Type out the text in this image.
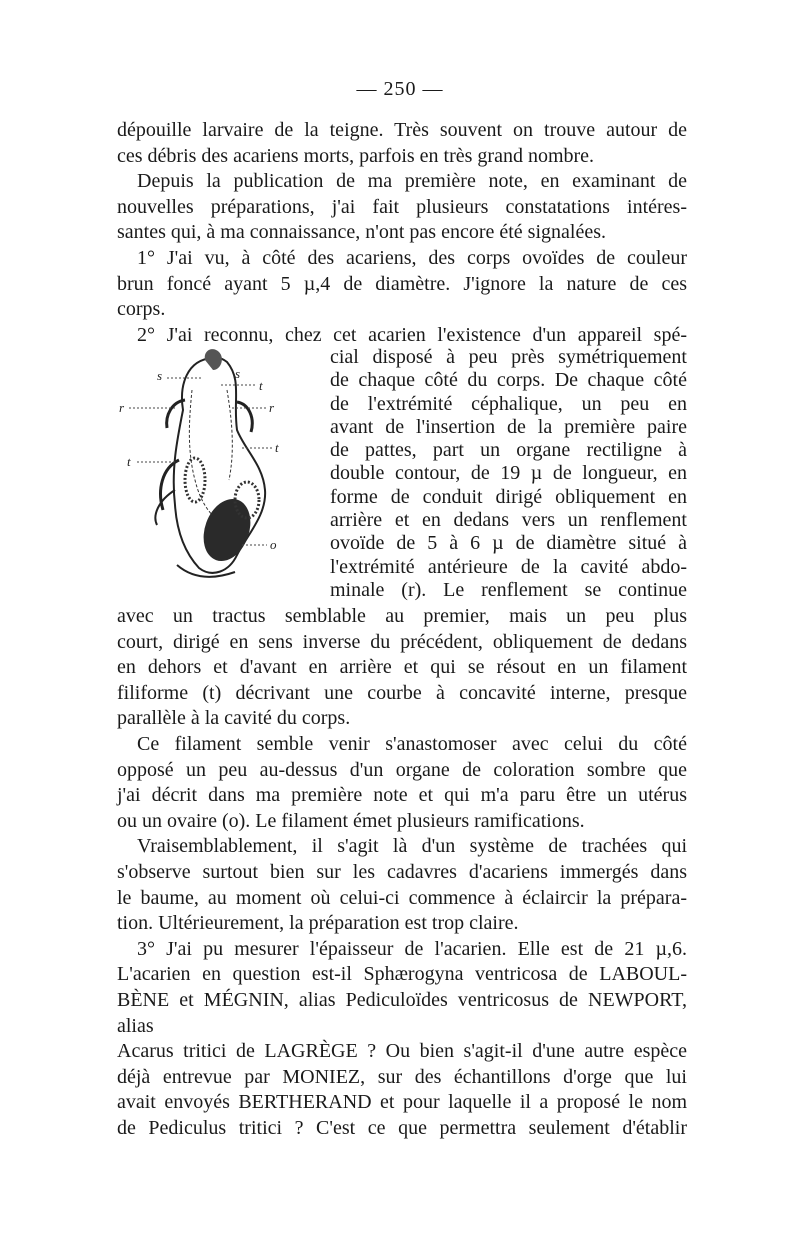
— 250 —
dépouille larvaire de la teigne. Très souvent on trouve autour de
ces débris des acariens morts, parfois en très grand nombre.
Depuis la publication de ma première note, en examinant de
nouvelles préparations, j'ai fait plusieurs constatations intéres-
santes qui, à ma connaissance, n'ont pas encore été signalées.
1° J'ai vu, à côté des acariens, des corps ovoïdes de couleur
brun foncé ayant 5 µ,4 de diamètre. J'ignore la nature de ces
corps.
2° J'ai reconnu, chez cet acarien l'existence d'un appareil spé-
s	s
t
r	r
t
t
o
cial disposé à peu près symétriquement
de chaque côté du corps. De chaque côté
de l'extrémité céphalique, un peu en
avant de l'insertion de la première paire
de pattes, part un organe rectiligne à
double contour, de 19 µ de longueur, en
forme de conduit dirigé obliquement en
arrière et en dedans vers un renflement
ovoïde de 5 à 6 µ de diamètre situé à
l'extrémité antérieure de la cavité abdo-
minale (r). Le renflement se continue
avec un tractus semblable au premier, mais un peu plus
court, dirigé en sens inverse du précédent, obliquement de dedans
en dehors et d'avant en arrière et qui se résout en un filament
filiforme (t) décrivant une courbe à concavité interne, presque
parallèle à la cavité du corps.
Ce filament semble venir s'anastomoser avec celui du côté
opposé un peu au-dessus d'un organe de coloration sombre que
j'ai décrit dans ma première note et qui m'a paru être un utérus
ou un ovaire (o). Le filament émet plusieurs ramifications.
Vraisemblablement, il s'agit là d'un système de trachées qui
s'observe surtout bien sur les cadavres d'acariens immergés dans
le baume, au moment où celui-ci commence à éclaircir la prépara-
tion. Ultérieurement, la préparation est trop claire.
3° J'ai pu mesurer l'épaisseur de l'acarien. Elle est de 21 µ,6.
L'acarien en question est-il Sphærogyna ventricosa de LABOUL-
BÈNE et MÉGNIN, alias Pediculoïdes ventricosus de NEWPORT, alias
Acarus tritici de LAGRÈGE ? Ou bien s'agit-il d'une autre espèce
déjà entrevue par MONIEZ, sur des échantillons d'orge que lui
avait envoyés BERTHERAND et pour laquelle il a proposé le nom
de Pediculus tritici ? C'est ce que permettra seulement d'établir
